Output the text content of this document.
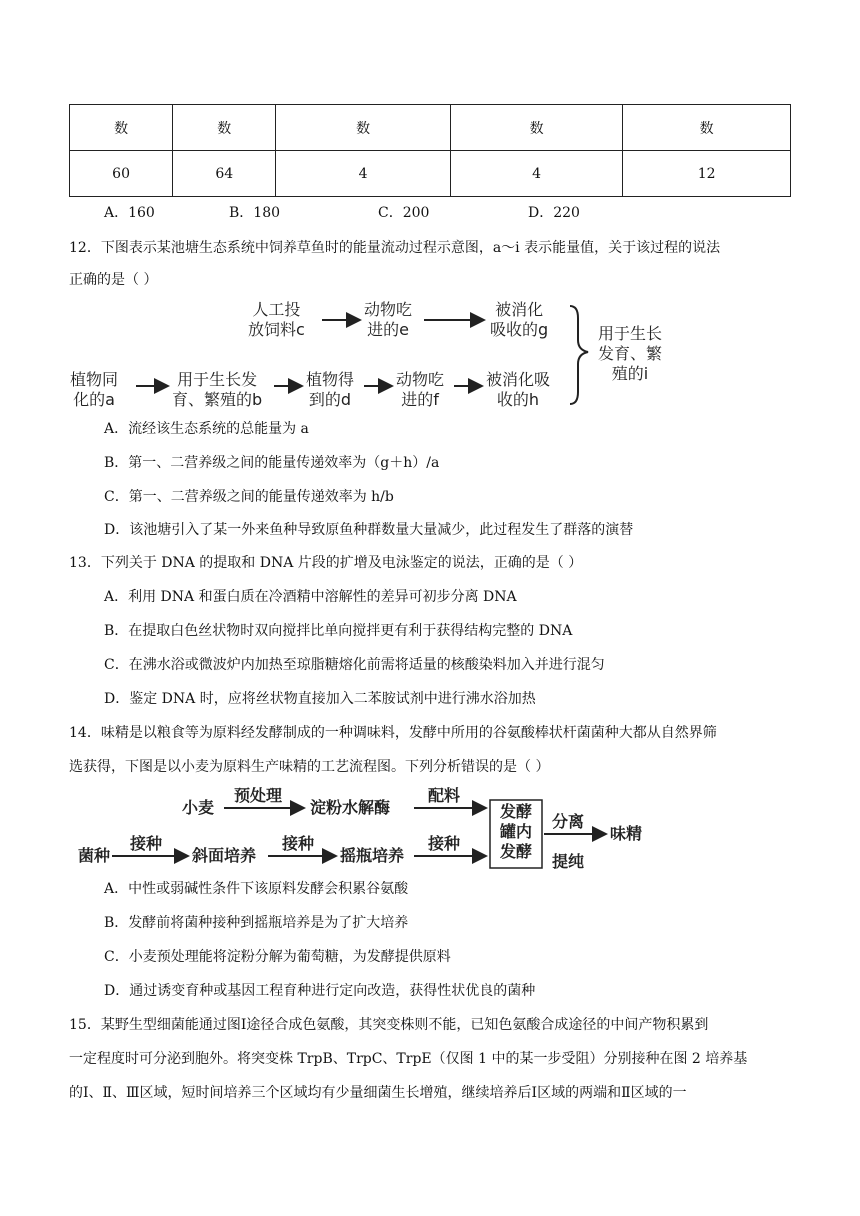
数	数	数	数	数
60	64	4	4	12
A．160	B．180	C．200	D．220
12．下图表示某池塘生态系统中饲养草鱼时的能量流动过程示意图，a～i 表示能量值，关于该过程的说法
正确的是（ ）
人工投
放饲料c
动物吃
进的e
被消化
吸收的g
植物同
化的a
用于生长发
育、繁殖的b
植物得
到的d
动物吃
进的f
被消化吸
收的h
用于生长
发育、繁
殖的i
A．流经该生态系统的总能量为 a
B．第一、二营养级之间的能量传递效率为（g＋h）/a
C．第一、二营养级之间的能量传递效率为 h/b
D．该池塘引入了某一外来鱼种导致原鱼种群数量大量减少，此过程发生了群落的演替
13．下列关于 DNA 的提取和 DNA 片段的扩增及电泳鉴定的说法，正确的是（ ）
A．利用 DNA 和蛋白质在冷酒精中溶解性的差异可初步分离 DNA
B．在提取白色丝状物时双向搅拌比单向搅拌更有利于获得结构完整的 DNA
C．在沸水浴或微波炉内加热至琼脂糖熔化前需将适量的核酸染料加入并进行混匀
D．鉴定 DNA 时，应将丝状物直接加入二苯胺试剂中进行沸水浴加热
14．味精是以粮食等为原料经发酵制成的一种调味料，发酵中所用的谷氨酸棒状杆菌菌种大都从自然界筛
选获得，下图是以小麦为原料生产味精的工艺流程图。下列分析错误的是（ ）
小麦
预处理
淀粉水解酶
配料
发酵
罐内
发酵
分离

提纯
味精
菌种
接种
斜面培养
接种
摇瓶培养
接种
A．中性或弱碱性条件下该原料发酵会积累谷氨酸
B．发酵前将菌种接种到摇瓶培养是为了扩大培养
C．小麦预处理能将淀粉分解为葡萄糖，为发酵提供原料
D．通过诱变育种或基因工程育种进行定向改造，获得性状优良的菌种
15．某野生型细菌能通过图Ⅰ途径合成色氨酸，其突变株则不能，已知色氨酸合成途径的中间产物积累到
一定程度时可分泌到胞外。将突变株 TrpB、TrpC、TrpE（仅图 1 中的某一步受阻）分别接种在图 2 培养基
的Ⅰ、Ⅱ、Ⅲ区域，短时间培养三个区域均有少量细菌生长增殖，继续培养后Ⅰ区域的两端和Ⅱ区域的一
